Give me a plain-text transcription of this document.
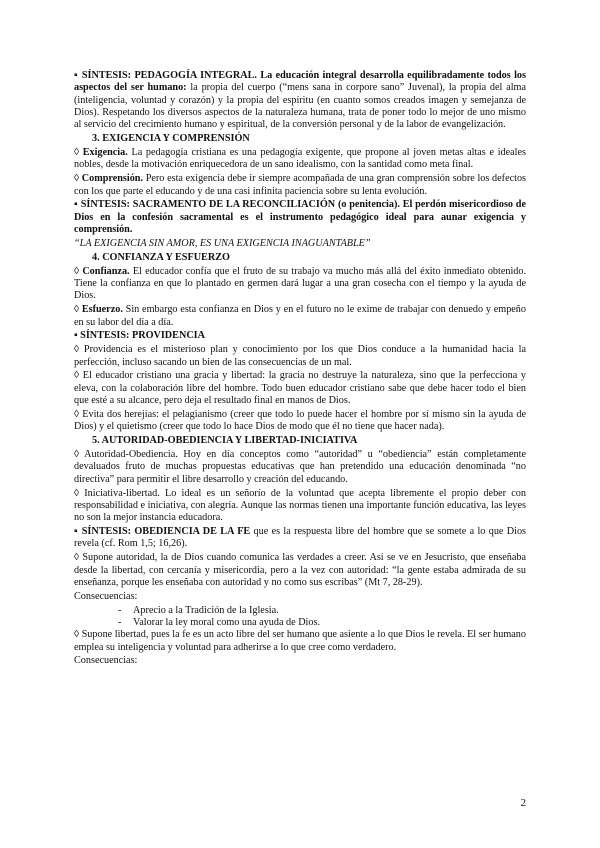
▪ SÍNTESIS: PEDAGOGÍA INTEGRAL. La educación integral desarrolla equilibradamente todos los aspectos del ser humano: la propia del cuerpo (“mens sana in corpore sano” Juvenal), la propia del alma (inteligencia, voluntad y corazón) y la propia del espíritu (en cuanto somos creados imagen y semejanza de Dios). Respetando los diversos aspectos de la naturaleza humana, trata de poner todo lo mejor de uno mismo al servicio del crecimiento humano y espiritual, de la conversión personal y de la labor de evangelización.

3. EXIGENCIA Y COMPRENSIÓN

◊ Exigencia. La pedagogía cristiana es una pedagogía exigente, que propone al joven metas altas e ideales nobles, desde la motivación enriquecedora de un sano idealismo, con la santidad como meta final.

◊ Comprensión. Pero esta exigencia debe ir siempre acompañada de una gran comprensión sobre los defectos con los que parte el educando y de una casi infinita paciencia sobre su lenta evolución.

▪ SÍNTESIS: SACRAMENTO DE LA RECONCILIACIÓN (o penitencia). El perdón misericordioso de Dios en la confesión sacramental es el instrumento pedagógico ideal para aunar exigencia y comprensión.

“LA EXIGENCIA SIN AMOR, ES UNA EXIGENCIA INAGUANTABLE”

4. CONFIANZA Y ESFUERZO

◊ Confianza. El educador confía que el fruto de su trabajo va mucho más allá del éxito inmediato obtenido. Tiene la confianza en que lo plantado en germen dará lugar a una gran cosecha con el tiempo y la ayuda de Dios.

◊ Esfuerzo. Sin embargo esta confianza en Dios y en el futuro no le exime de trabajar con denuedo y empeño en su labor del día a día.

▪ SÍNTESIS: PROVIDENCIA

◊ Providencia es el misterioso plan y conocimiento por los que Dios conduce a la humanidad hacia la perfección, incluso sacando un bien de las consecuencias de un mal.

◊ El educador cristiano una gracia y libertad: la gracia no destruye la naturaleza, sino que la perfecciona y eleva, con la colaboración libre del hombre. Todo buen educador cristiano sabe que debe hacer todo el bien que esté a su alcance, pero deja el resultado final en manos de Dios.

◊ Evita dos herejías: el pelagianismo (creer que todo lo puede hacer el hombre por sí mismo sin la ayuda de Dios) y el quietismo (creer que todo lo hace Dios de modo que él no tiene que hacer nada).

5. AUTORIDAD-OBEDIENCIA Y LIBERTAD-INICIATIVA

◊ Autoridad-Obediencia. Hoy en día conceptos como “autoridad” u “obediencia” están completamente devaluados fruto de muchas propuestas educativas que han pretendido una educación denominada “no directiva” para permitir el libre desarrollo y creación del educando.

◊ Iniciativa-libertad. Lo ideal es un señorío de la voluntad que acepta libremente el propio deber con responsabilidad e iniciativa, con alegría. Aunque las normas tienen una importante función educativa, las leyes no son la mejor instancia educadora.

▪ SÍNTESIS: OBEDIENCIA DE LA FE que es la respuesta libre del hombre que se somete a lo que Dios revela (cf. Rom 1,5; 16,26).

◊ Supone autoridad, la de Dios cuando comunica las verdades a creer. Así se ve en Jesucristo, que enseñaba desde la libertad, con cercanía y misericordia, pero a la vez con autoridad: “la gente estaba admirada de su enseñanza, porque les enseñaba con autoridad y no como sus escribas” (Mt 7, 28-29).

Consecuencias:

- Aprecio a la Tradición de la Iglesia.
- Valorar la ley moral como una ayuda de Dios.

◊ Supone libertad, pues la fe es un acto libre del ser humano que asiente a lo que Dios le revela. El ser humano emplea su inteligencia y voluntad para adherirse a lo que cree como verdadero.

Consecuencias:

2
